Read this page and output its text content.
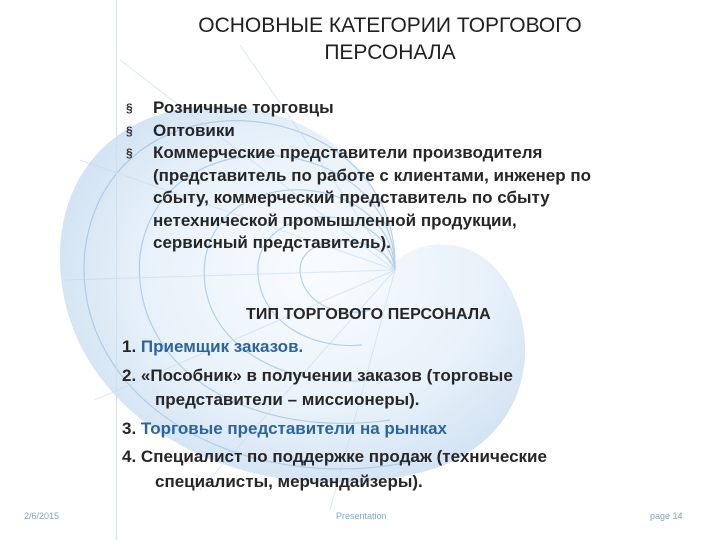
ОСНОВНЫЕ КАТЕГОРИИ ТОРГОВОГО
ПЕРСОНАЛА
§ Розничные торговцы
§ Оптовики
§ Коммерческие представители производителя
(представитель по работе с клиентами, инженер по
сбыту, коммерческий представитель по сбыту
нетехнической промышленной продукции,
сервисный представитель).
ТИП ТОРГОВОГО ПЕРСОНАЛА
1. Приемщик заказов.
2. «Пособник» в получении заказов (торговые
представители – миссионеры).
3. Торговые представители на рынках
4. Специалист по поддержке продаж (технические
специалисты, мерчандайзеры).
2/6/2015	Presentation	page 14
